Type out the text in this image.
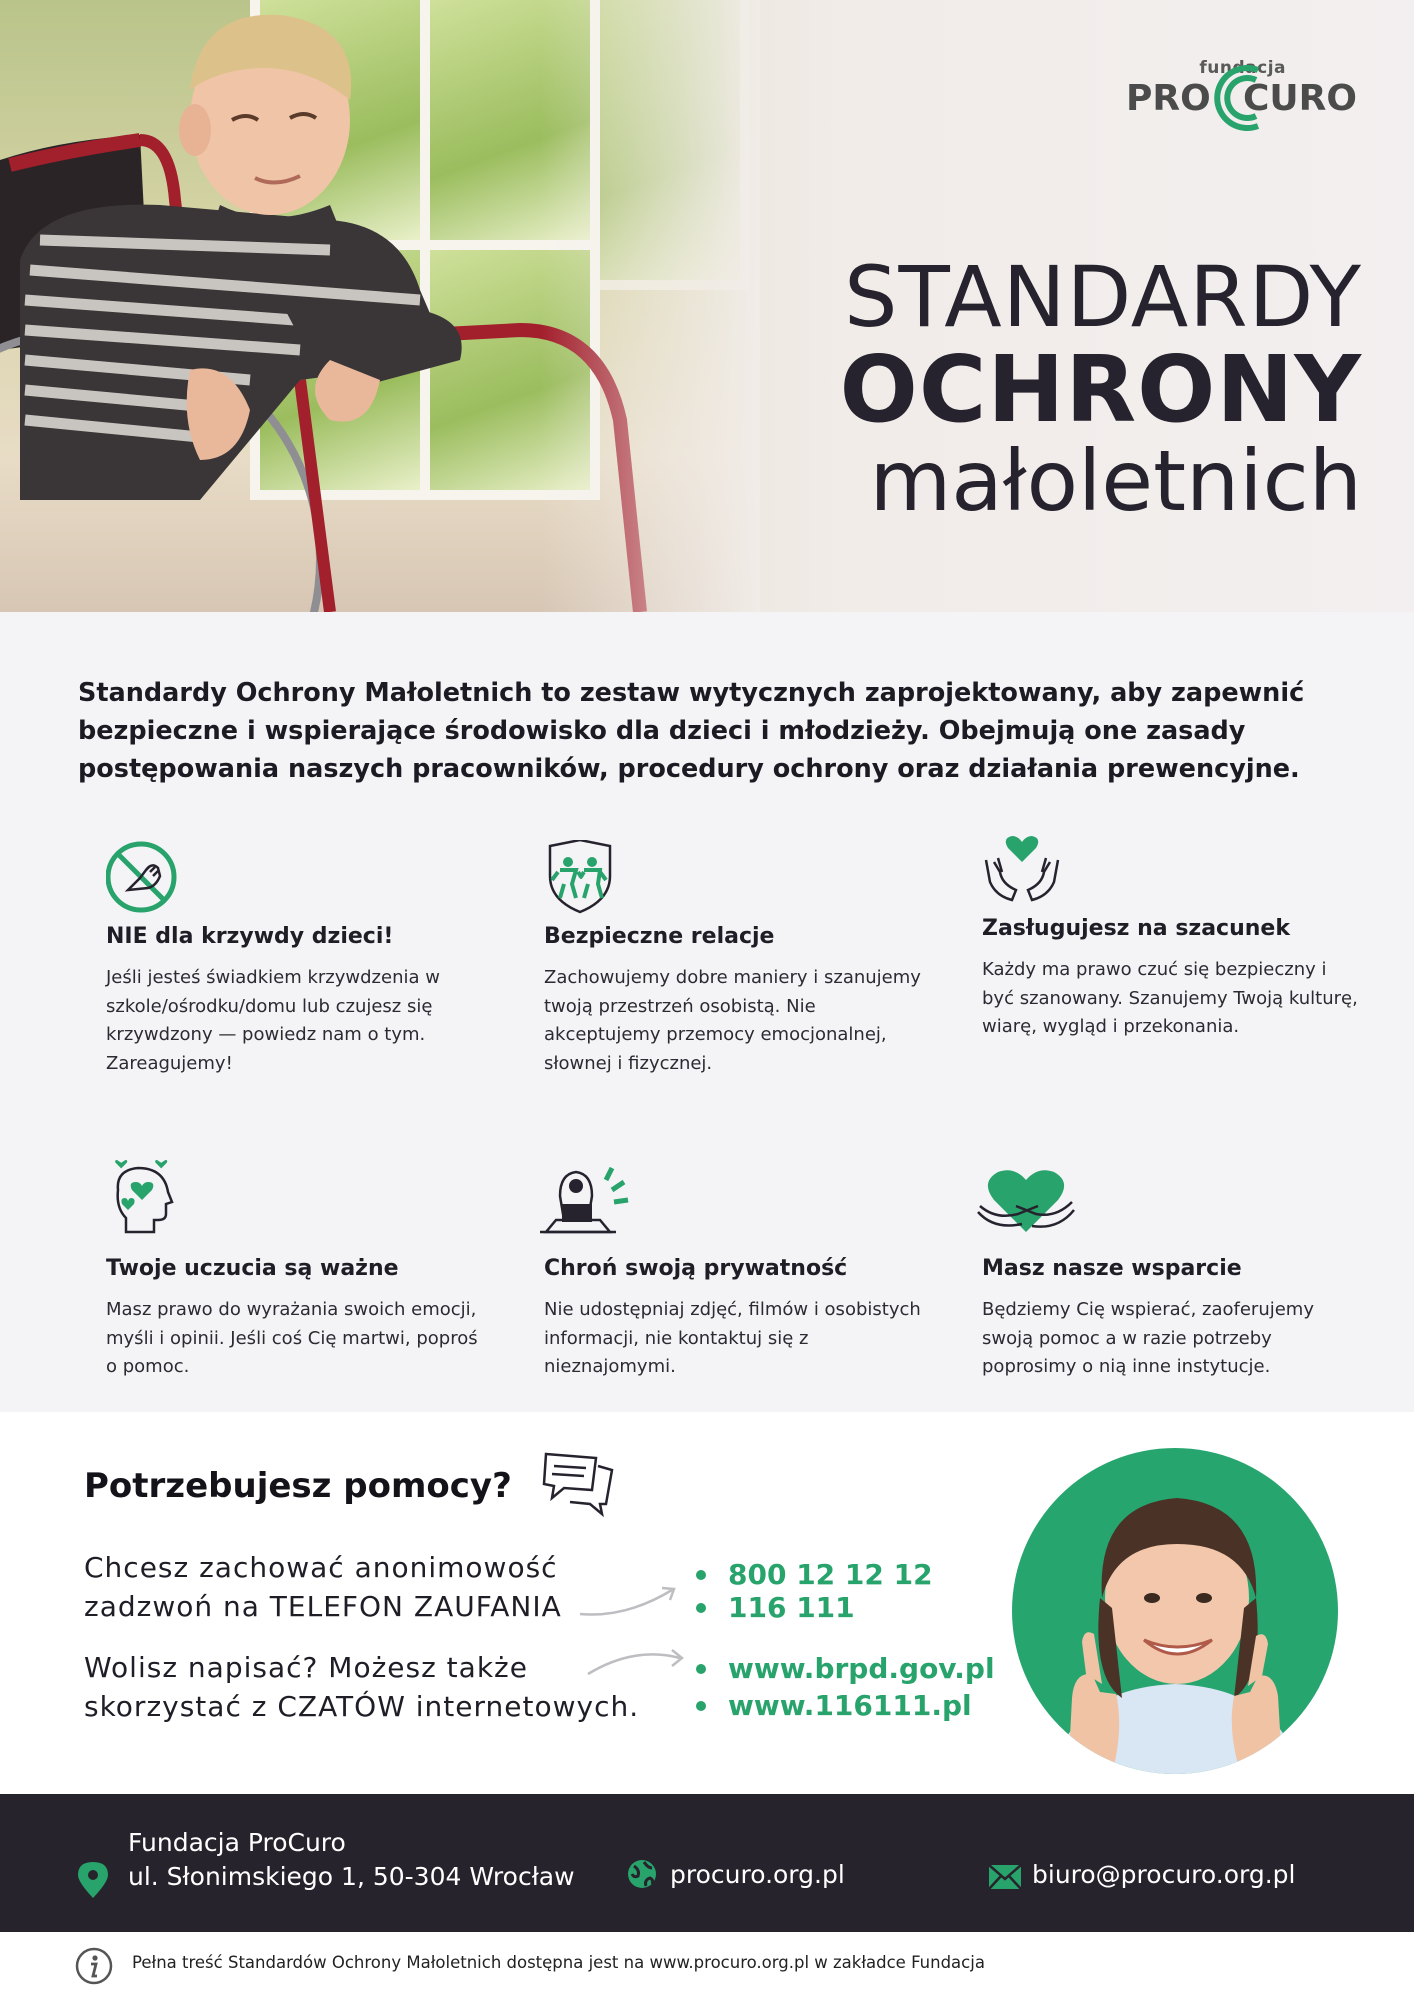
fundacja
PRO CURO
STANDARDY
OCHRONY
małoletnich

Standardy Ochrony Małoletnich to zestaw wytycznych zaprojektowany, aby zapewnić bezpieczne i wspierające środowisko dla dzieci i młodzieży. Obejmują one zasady postępowania naszych pracowników, procedury ochrony oraz działania prewencyjne.

NIE dla krzywdy dzieci!

Jeśli jesteś świadkiem krzywdzenia w szkole/ośrodku/domu lub czujesz się krzywdzony — powiedz nam o tym. Zareagujemy!

Bezpieczne relacje

Zachowujemy dobre maniery i szanujemy twoją przestrzeń osobistą. Nie akceptujemy przemocy emocjonalnej, słownej i fizycznej.

Zasługujesz na szacunek

Każdy ma prawo czuć się bezpieczny i być szanowany. Szanujemy Twoją kulturę, wiarę, wygląd i przekonania.

Twoje uczucia są ważne

Masz prawo do wyrażania swoich emocji, myśli i opinii. Jeśli coś Cię martwi, poproś o pomoc.

Chroń swoją prywatność

Nie udostępniaj zdjęć, filmów i osobistych informacji, nie kontaktuj się z nieznajomymi.

Masz nasze wsparcie

Będziemy Cię wspierać, zaoferujemy swoją pomoc a w razie potrzeby poprosimy o nią inne instytucje.

Potrzebujesz pomocy?
Chcesz zachować anonimowość
zadzwoń na TELEFON ZAUFANIA
800 12 12 12
116 111
Wolisz napisać? Możesz także
skorzystać z CZATÓW internetowych.
www.brpd.gov.pl
www.116111.pl
Fundacja ProCuro
ul. Słonimskiego 1, 50-304 Wrocław	procuro.org.pl	biuro@procuro.org.pl
Pełna treść Standardów Ochrony Małoletnich dostępna jest na www.procuro.org.pl w zakładce Fundacja
